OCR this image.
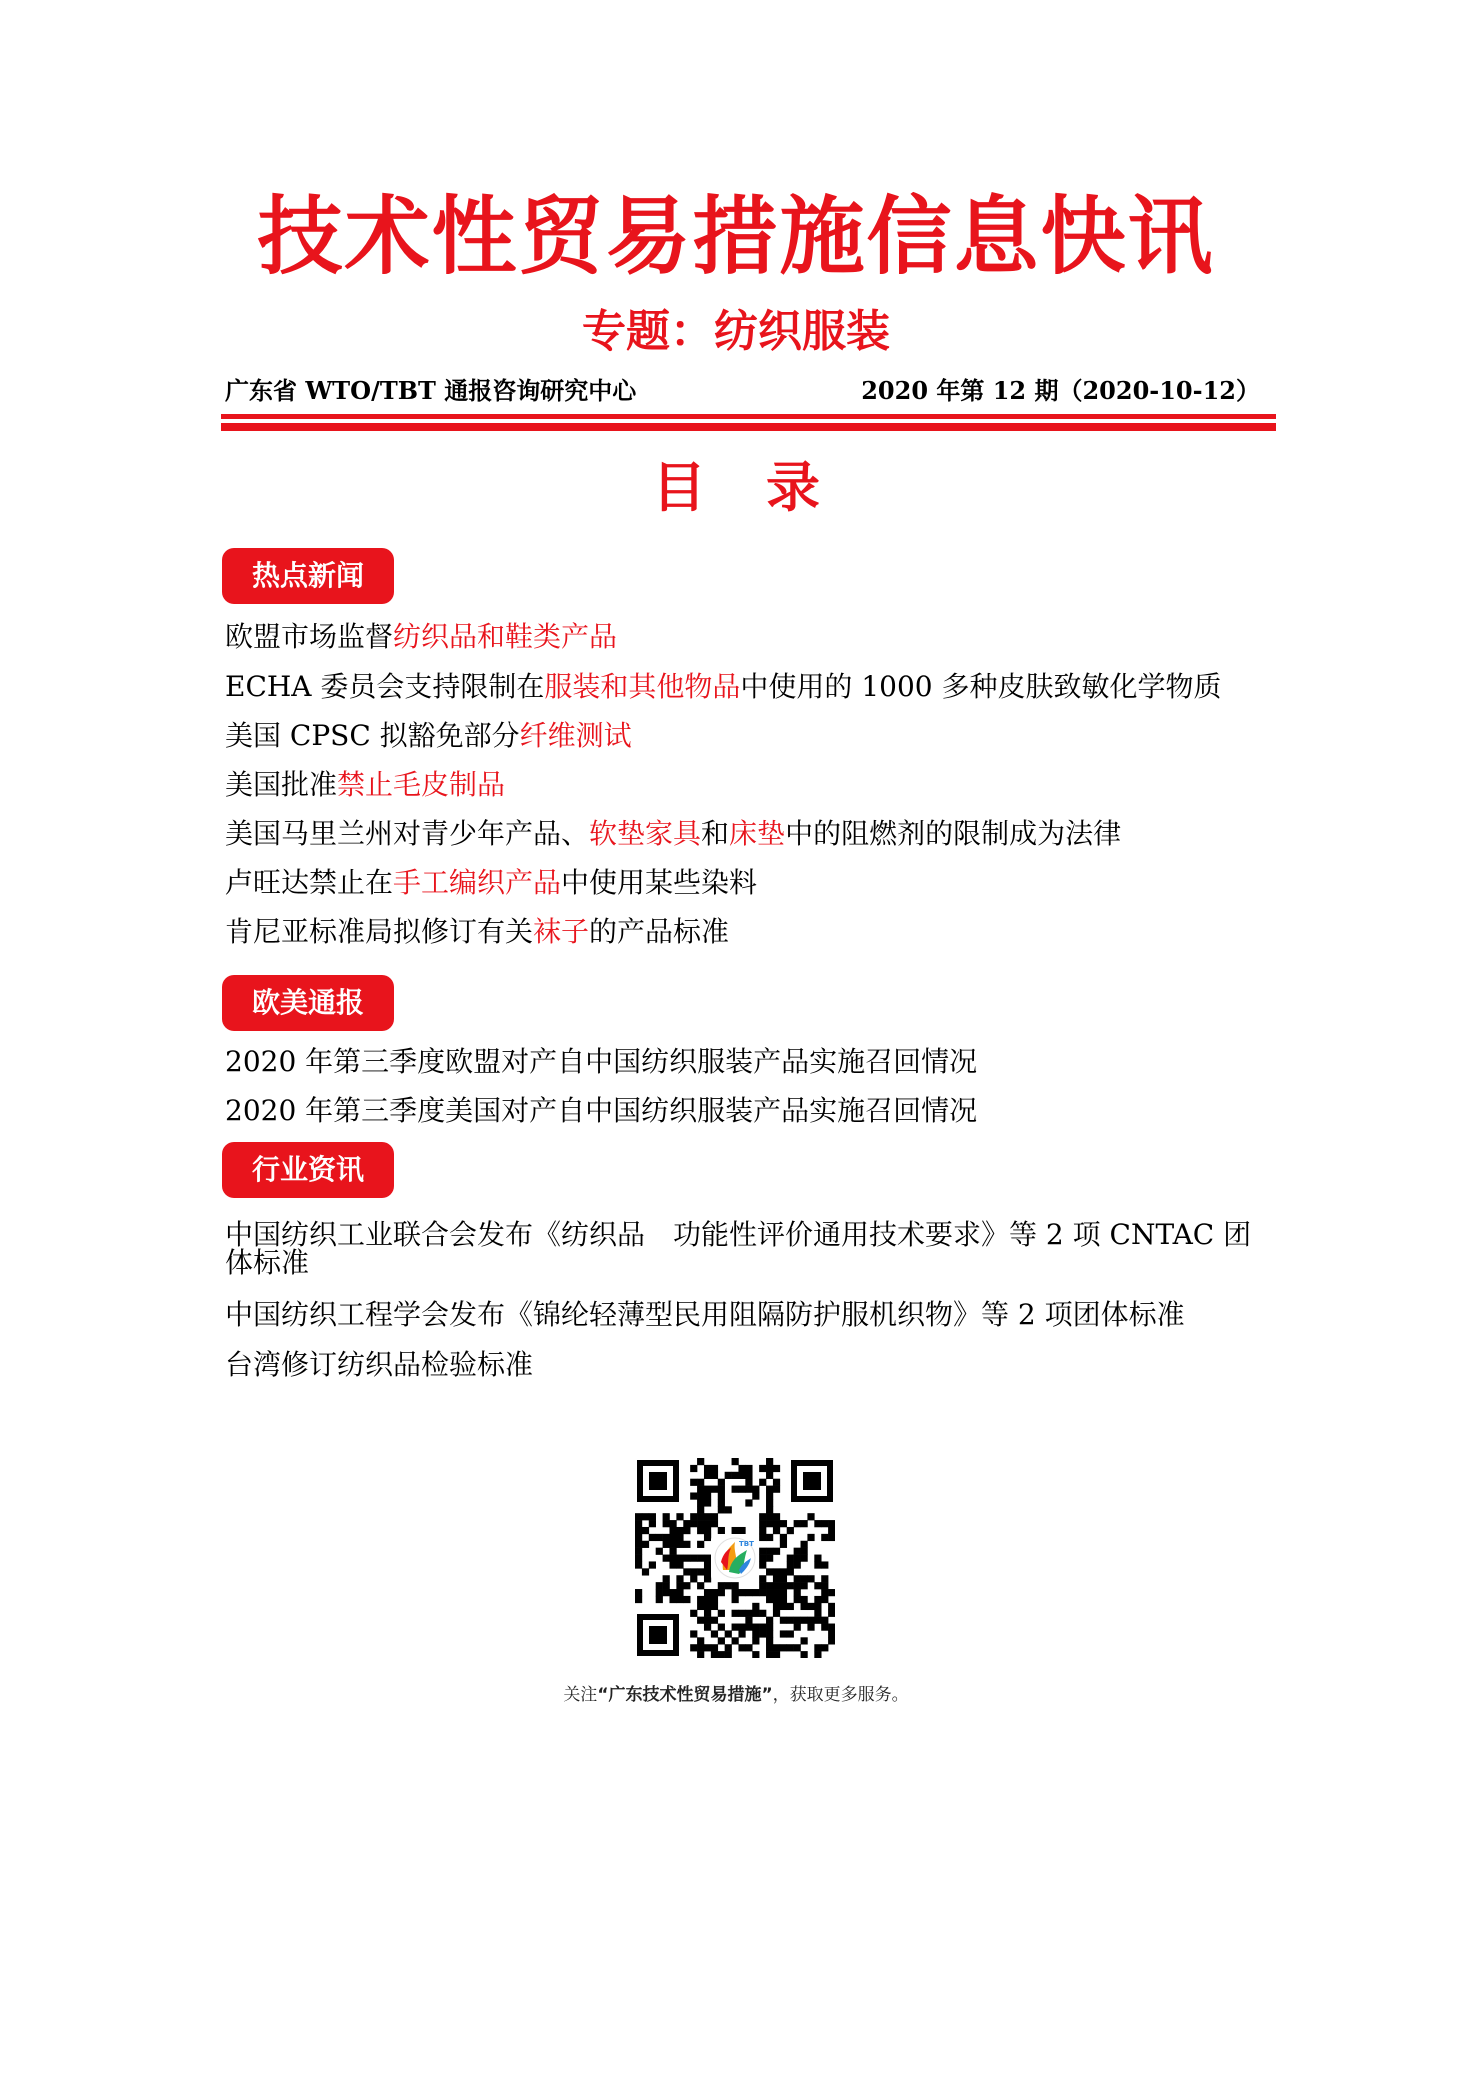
技术性贸易措施信息快讯
专题：纺织服装
广东省 WTO/TBT 通报咨询研究中心	2020 年第 12 期（2020-10-12）
目录
热点新闻
欧盟市场监督纺织品和鞋类产品
ECHA 委员会支持限制在服装和其他物品中使用的 1000 多种皮肤致敏化学物质
美国 CPSC 拟豁免部分纤维测试
美国批准禁止毛皮制品
美国马里兰州对青少年产品、软垫家具和床垫中的阻燃剂的限制成为法律
卢旺达禁止在手工编织产品中使用某些染料
肯尼亚标准局拟修订有关袜子的产品标准
欧美通报
2020 年第三季度欧盟对产自中国纺织服装产品实施召回情况
2020 年第三季度美国对产自中国纺织服装产品实施召回情况
行业资讯
中国纺织工业联合会发布《纺织品　功能性评价通用技术要求》等 2 项 CNTAC 团体标准
中国纺织工程学会发布《锦纶轻薄型民用阻隔防护服机织物》等 2 项团体标准
台湾修订纺织品检验标准
TBT
关注“广东技术性贸易措施”，获取更多服务。
